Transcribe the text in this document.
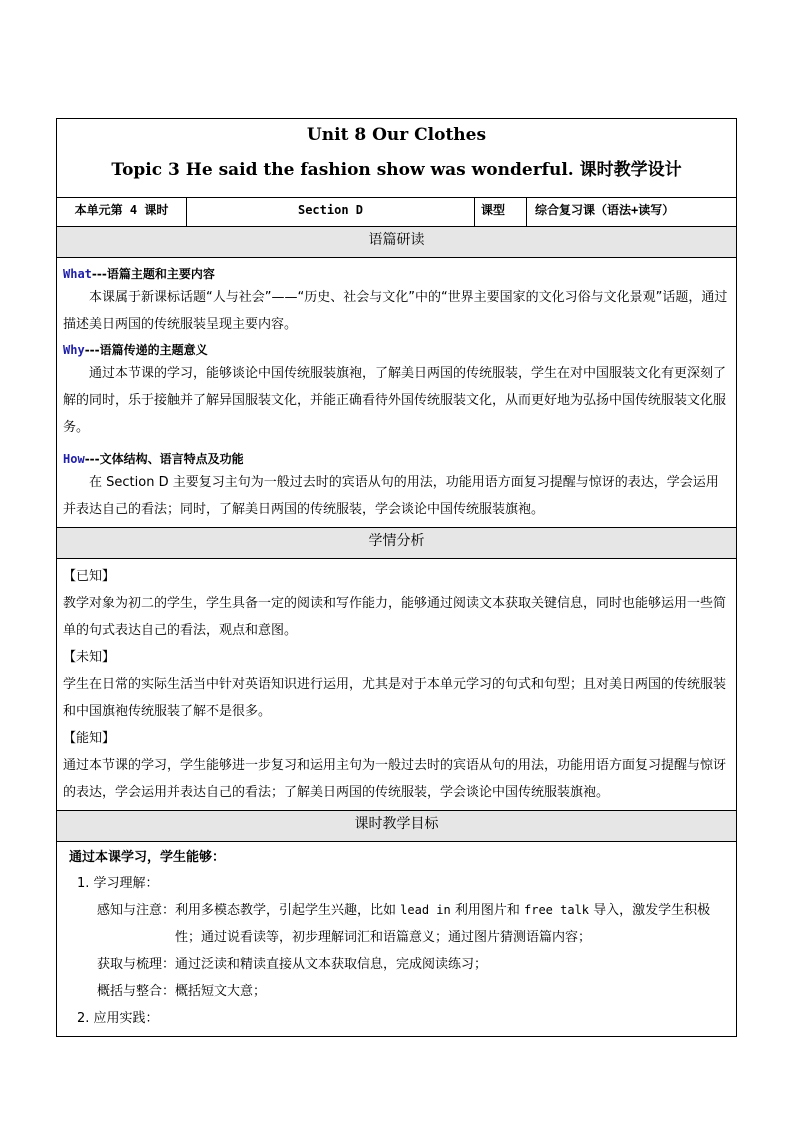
Unit 8 Our Clothes
Topic 3 He said the fashion show was wonderful. 课时教学设计
本单元第 4 课时	Section D	课型	综合复习课（语法+读写）
语篇研读
What---语篇主题和主要内容
本课属于新课标话题“人与社会”——“历史、社会与文化”中的“世界主要国家的文化习俗与文化景观”话题，通过描述美日两国的传统服装呈现主要内容。
Why---语篇传递的主题意义
通过本节课的学习，能够谈论中国传统服装旗袍，了解美日两国的传统服装，学生在对中国服装文化有更深刻了解的同时，乐于接触并了解异国服装文化，并能正确看待外国传统服装文化，从而更好地为弘扬中国传统服装文化服务。
How---文体结构、语言特点及功能
在 Section D 主要复习主句为一般过去时的宾语从句的用法，功能用语方面复习提醒与惊讶的表达，学会运用并表达自己的看法；同时，了解美日两国的传统服装，学会谈论中国传统服装旗袍。
学情分析
【已知】
教学对象为初二的学生，学生具备一定的阅读和写作能力，能够通过阅读文本获取关键信息，同时也能够运用一些简单的句式表达自己的看法，观点和意图。
【未知】
学生在日常的实际生活当中针对英语知识进行运用，尤其是对于本单元学习的句式和句型；且对美日两国的传统服装和中国旗袍传统服装了解不是很多。
【能知】
通过本节课的学习，学生能够进一步复习和运用主句为一般过去时的宾语从句的用法，功能用语方面复习提醒与惊讶的表达，学会运用并表达自己的看法；了解美日两国的传统服装，学会谈论中国传统服装旗袍。
课时教学目标
通过本课学习，学生能够：
1. 学习理解：
感知与注意： 利用多模态教学，引起学生兴趣，比如 lead in 利用图片和 free talk 导入，激发学生积极性；通过说看读等，初步理解词汇和语篇意义；通过图片猜测语篇内容；
获取与梳理： 通过泛读和精读直接从文本获取信息，完成阅读练习；
概括与整合： 概括短文大意；
2. 应用实践：
